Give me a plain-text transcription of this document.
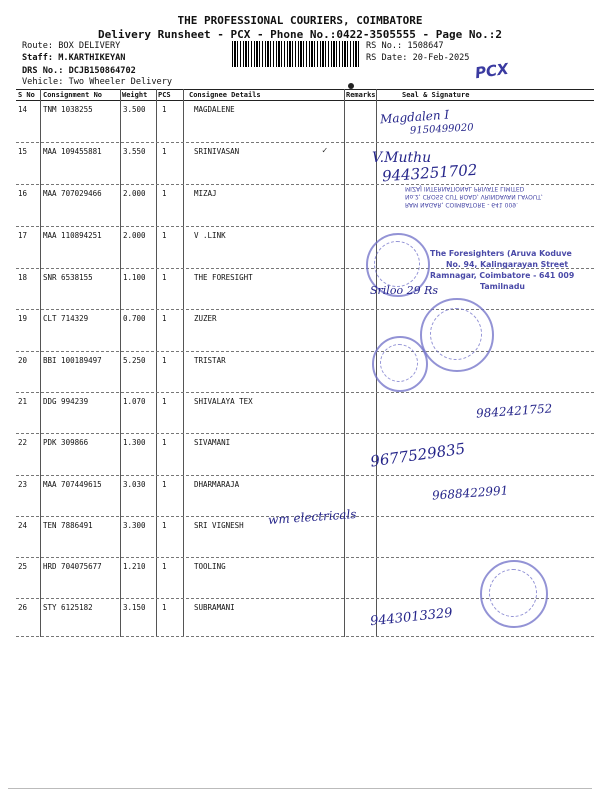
THE PROFESSIONAL COURIERS, COIMBATORE
Delivery Runsheet - PCX - Phone No.:0422-3505555 - Page No.:2
Route: BOX DELIVERY
Staff: M.KARTHIKEYAN
DRS No.: DCJB150864702
Vehicle: Two Wheeler Delivery
RS No.: 1508647
RS Date: 20-Feb-2025
PCX
S No Consignment No	Weight PCS	Consignee Details	Remarks	Seal & Signature
14 TNM 1038255	3.500 1	MAGDALENE
15 MAA 109455881	3.550 1	SRINIVASAN
16 MAA 707029466	2.000 1	MIZAJ
17 MAA 110894251	2.000 1	V .LINK
18 SNR 6538155	1.100 1	THE FORESIGHT
19 CLT 714329	0.700 1	ZUZER
20 BBI 100189497	5.250 1	TRISTAR
21 DDG 994239	1.070 1	SHIVALAYA TEX
22 PDK 309866	1.300 1	SIVAMANI
23 MAA 707449615	3.030 1	DHARMARAJA
24 TEN 7886491	3.300 1	SRI VIGNESH
25 HRD 704075677	1.210 1	TOOLING
26 STY 6125182	3.150 1	SUBRAMANI
Magdalen I
9150499020
✓	V.Muthu
9443251702
RAM NAGAR, COIMBATORE - 641 009.
No.2, CROSS CUT ROAD, VRINDAVAN LAYOUT,
MIZAJ INTERNATIONAL PRIVATE LIMITED
The Foresighters (Aruva Koduve
No. 94, Kalingarayan Street
Ramnagar, Coimbatore - 641 009
Tamilnadu
Sriloo 29 Rs
9842421752
9677529835
9688422991
wm electricals
9443013329
